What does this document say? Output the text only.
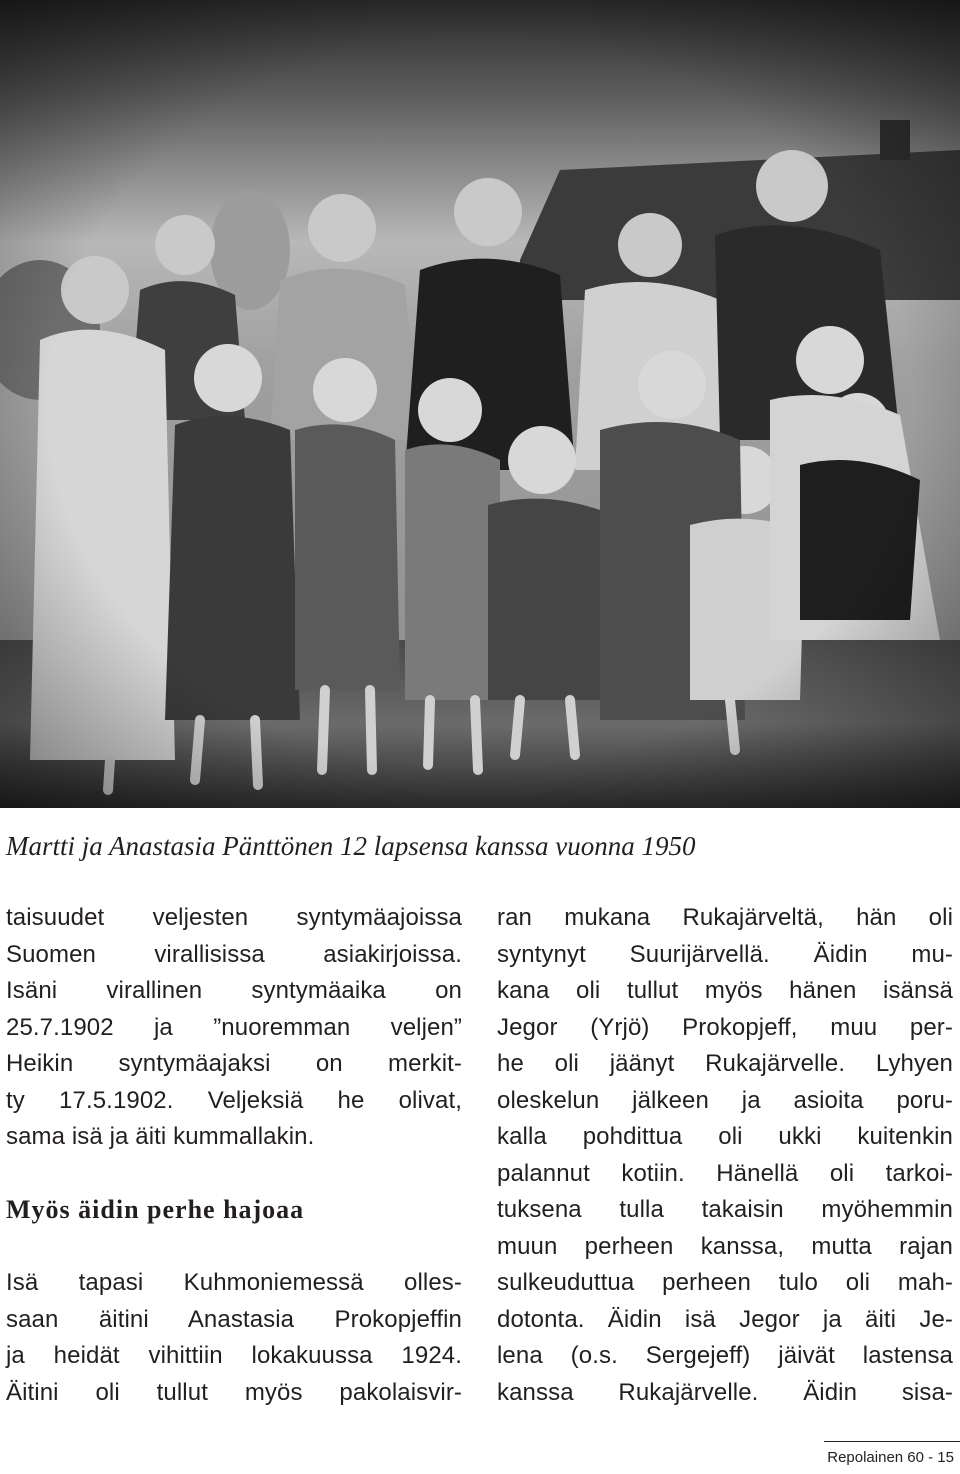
Martti ja Anastasia Pänttönen 12 lapsensa kanssa vuonna 1950
taisuudet veljesten syntymäajoissa
Suomen virallisissa asiakirjoissa.
Isäni virallinen syntymäaika on
25.7.1902 ja ”nuoremman veljen”
Heikin syntymäajaksi on merkit-
ty 17.5.1902. Veljeksiä he olivat,
sama isä ja äiti kummallakin.
Myös äidin perhe hajoaa
Isä tapasi Kuhmoniemessä olles-
saan äitini Anastasia Prokopjeffin
ja heidät vihittiin lokakuussa 1924.
Äitini oli tullut myös pakolaisvir-
ran mukana Rukajärveltä, hän oli
syntynyt Suurijärvellä. Äidin mu-
kana oli tullut myös hänen isänsä
Jegor (Yrjö) Prokopjeff, muu per-
he oli jäänyt Rukajärvelle. Lyhyen
oleskelun jälkeen ja asioita poru-
kalla pohdittua oli ukki kuitenkin
palannut kotiin. Hänellä oli tarkoi-
tuksena tulla takaisin myöhemmin
muun perheen kanssa, mutta rajan
sulkeuduttua perheen tulo oli mah-
dotonta. Äidin isä Jegor ja äiti Je-
lena (o.s. Sergejeff) jäivät lastensa
kanssa Rukajärvelle. Äidin sisa-
Repolainen 60 - 15
